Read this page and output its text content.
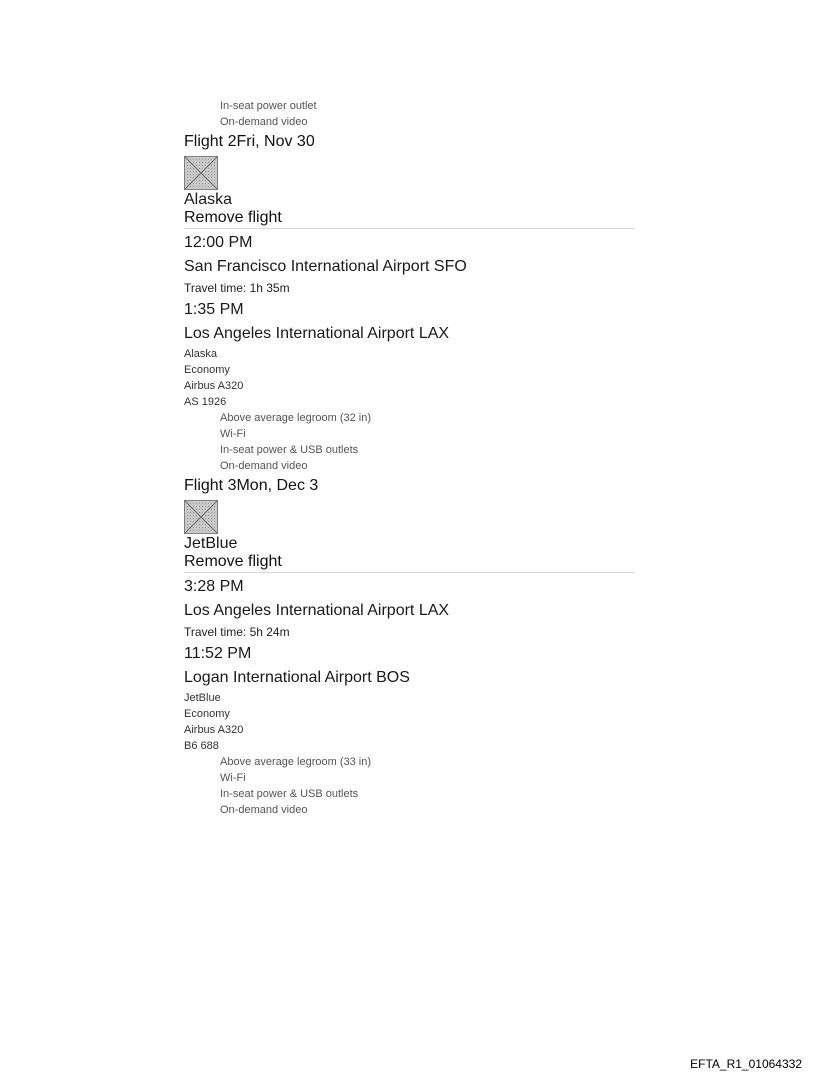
In-seat power outlet
On-demand video
Flight 2Fri, Nov 30
Alaska
Remove flight
12:00 PM
San Francisco International Airport SFO
Travel time: 1h 35m
1:35 PM
Los Angeles International Airport LAX
Alaska
Economy
Airbus A320
AS 1926
Above average legroom (32 in)
Wi-Fi
In-seat power & USB outlets
On-demand video
Flight 3Mon, Dec 3
JetBlue
Remove flight
3:28 PM
Los Angeles International Airport LAX
Travel time: 5h 24m
11:52 PM
Logan International Airport BOS
JetBlue
Economy
Airbus A320
B6 688
Above average legroom (33 in)
Wi-Fi
In-seat power & USB outlets
On-demand video
EFTA_R1_01064332
